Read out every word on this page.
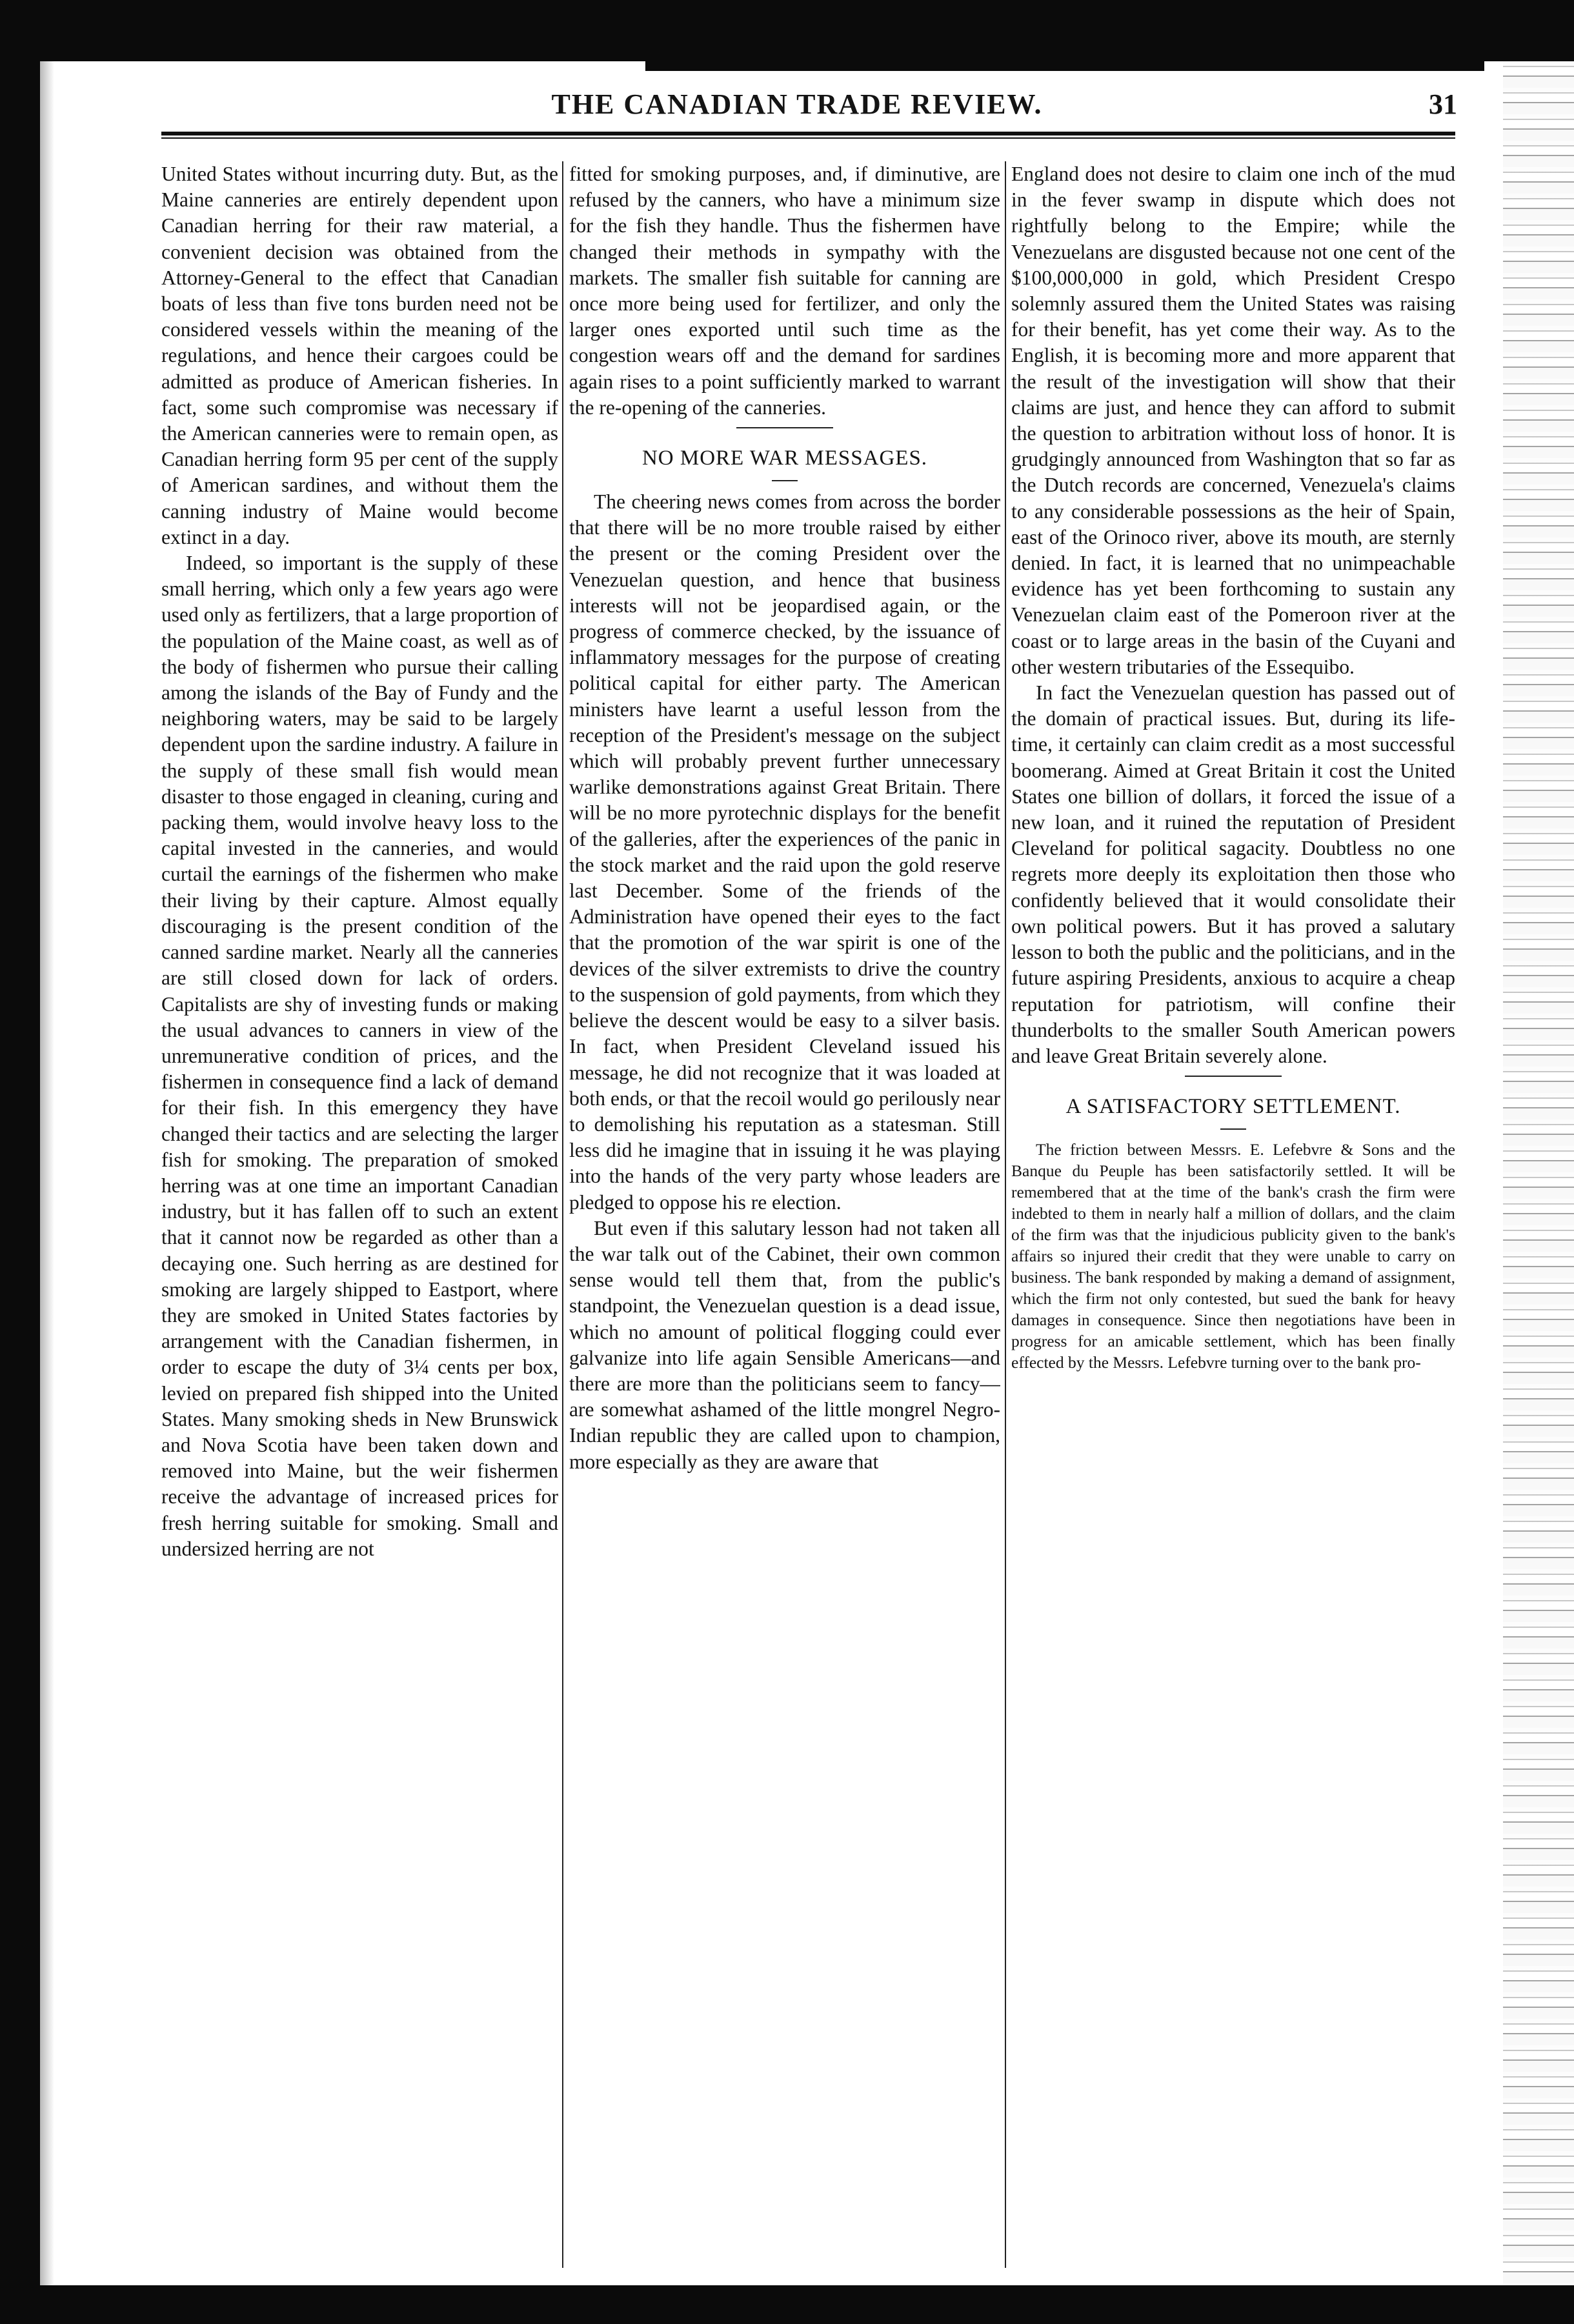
THE CANADIAN TRADE REVIEW.	31

United States without incurring duty. But, as the Maine canneries are entirely dependent upon Canadian herring for their raw material, a convenient decision was obtained from the Attorney-General to the effect that Canadian boats of less than five tons burden need not be considered vessels within the meaning of the regulations, and hence their cargoes could be admitted as produce of American fisheries. In fact, some such compromise was necessary if the American canneries were to remain open, as Canadian herring form 95 per cent of the supply of American sardines, and without them the canning industry of Maine would become extinct in a day.

Indeed, so important is the supply of these small herring, which only a few years ago were used only as fertilizers, that a large proportion of the population of the Maine coast, as well as of the body of fishermen who pursue their calling among the islands of the Bay of Fundy and the neighboring waters, may be said to be largely dependent upon the sardine industry. A failure in the supply of these small fish would mean disaster to those engaged in cleaning, curing and packing them, would involve heavy loss to the capital invested in the canneries, and would curtail the earnings of the fishermen who make their living by their capture. Almost equally discouraging is the present condition of the canned sardine market. Nearly all the canneries are still closed down for lack of orders. Capitalists are shy of investing funds or making the usual advances to canners in view of the unremunerative condition of prices, and the fishermen in consequence find a lack of demand for their fish. In this emergency they have changed their tactics and are selecting the larger fish for smoking. The preparation of smoked herring was at one time an important Canadian industry, but it has fallen off to such an extent that it cannot now be regarded as other than a decaying one. Such herring as are destined for smoking are largely shipped to Eastport, where they are smoked in United States factories by arrangement with the Canadian fishermen, in order to escape the duty of 3¼ cents per box, levied on prepared fish shipped into the United States. Many smoking sheds in New Brunswick and Nova Scotia have been taken down and removed into Maine, but the weir fishermen receive the advantage of increased prices for fresh herring suitable for smoking. Small and undersized herring are not

fitted for smoking purposes, and, if diminutive, are refused by the canners, who have a minimum size for the fish they handle. Thus the fishermen have changed their methods in sympathy with the markets. The smaller fish suitable for canning are once more being used for fertilizer, and only the larger ones exported until such time as the congestion wears off and the demand for sardines again rises to a point sufficiently marked to warrant the re-opening of the canneries.

NO MORE WAR MESSAGES.

The cheering news comes from across the border that there will be no more trouble raised by either the present or the coming President over the Venezuelan question, and hence that business interests will not be jeopardised again, or the progress of commerce checked, by the issuance of inflammatory messages for the purpose of creating political capital for either party. The American ministers have learnt a useful lesson from the reception of the President's message on the subject which will probably prevent further unnecessary warlike demonstrations against Great Britain. There will be no more pyrotechnic displays for the benefit of the galleries, after the experiences of the panic in the stock market and the raid upon the gold reserve last December. Some of the friends of the Administration have opened their eyes to the fact that the promotion of the war spirit is one of the devices of the silver extremists to drive the country to the suspension of gold payments, from which they believe the descent would be easy to a silver basis. In fact, when President Cleveland issued his message, he did not recognize that it was loaded at both ends, or that the recoil would go perilously near to demolishing his reputation as a statesman. Still less did he imagine that in issuing it he was playing into the hands of the very party whose leaders are pledged to oppose his re election.

But even if this salutary lesson had not taken all the war talk out of the Cabinet, their own common sense would tell them that, from the public's standpoint, the Venezuelan question is a dead issue, which no amount of political flogging could ever galvanize into life again Sensible Americans—and there are more than the politicians seem to fancy—are somewhat ashamed of the little mongrel Negro-Indian republic they are called upon to champion, more especially as they are aware that

England does not desire to claim one inch of the mud in the fever swamp in dispute which does not rightfully belong to the Empire; while the Venezuelans are disgusted because not one cent of the $100,000,000 in gold, which President Crespo solemnly assured them the United States was raising for their benefit, has yet come their way. As to the English, it is becoming more and more apparent that the result of the investigation will show that their claims are just, and hence they can afford to submit the question to arbitration without loss of honor. It is grudgingly announced from Washington that so far as the Dutch records are concerned, Venezuela's claims to any considerable possessions as the heir of Spain, east of the Orinoco river, above its mouth, are sternly denied. In fact, it is learned that no unimpeachable evidence has yet been forthcoming to sustain any Venezuelan claim east of the Pomeroon river at the coast or to large areas in the basin of the Cuyani and other western tributaries of the Essequibo.

In fact the Venezuelan question has passed out of the domain of practical issues. But, during its life-time, it certainly can claim credit as a most successful boomerang. Aimed at Great Britain it cost the United States one billion of dollars, it forced the issue of a new loan, and it ruined the reputation of President Cleveland for political sagacity. Doubtless no one regrets more deeply its exploitation then those who confidently believed that it would consolidate their own political powers. But it has proved a salutary lesson to both the public and the politicians, and in the future aspiring Presidents, anxious to acquire a cheap reputation for patriotism, will confine their thunderbolts to the smaller South American powers and leave Great Britain severely alone.

A SATISFACTORY SETTLEMENT.

The friction between Messrs. E. Lefebvre & Sons and the Banque du Peuple has been satisfactorily settled. It will be remembered that at the time of the bank's crash the firm were indebted to them in nearly half a million of dollars, and the claim of the firm was that the injudicious publicity given to the bank's affairs so injured their credit that they were unable to carry on business. The bank responded by making a demand of assignment, which the firm not only contested, but sued the bank for heavy damages in consequence. Since then negotiations have been in progress for an amicable settlement, which has been finally effected by the Messrs. Lefebvre turning over to the bank pro-
